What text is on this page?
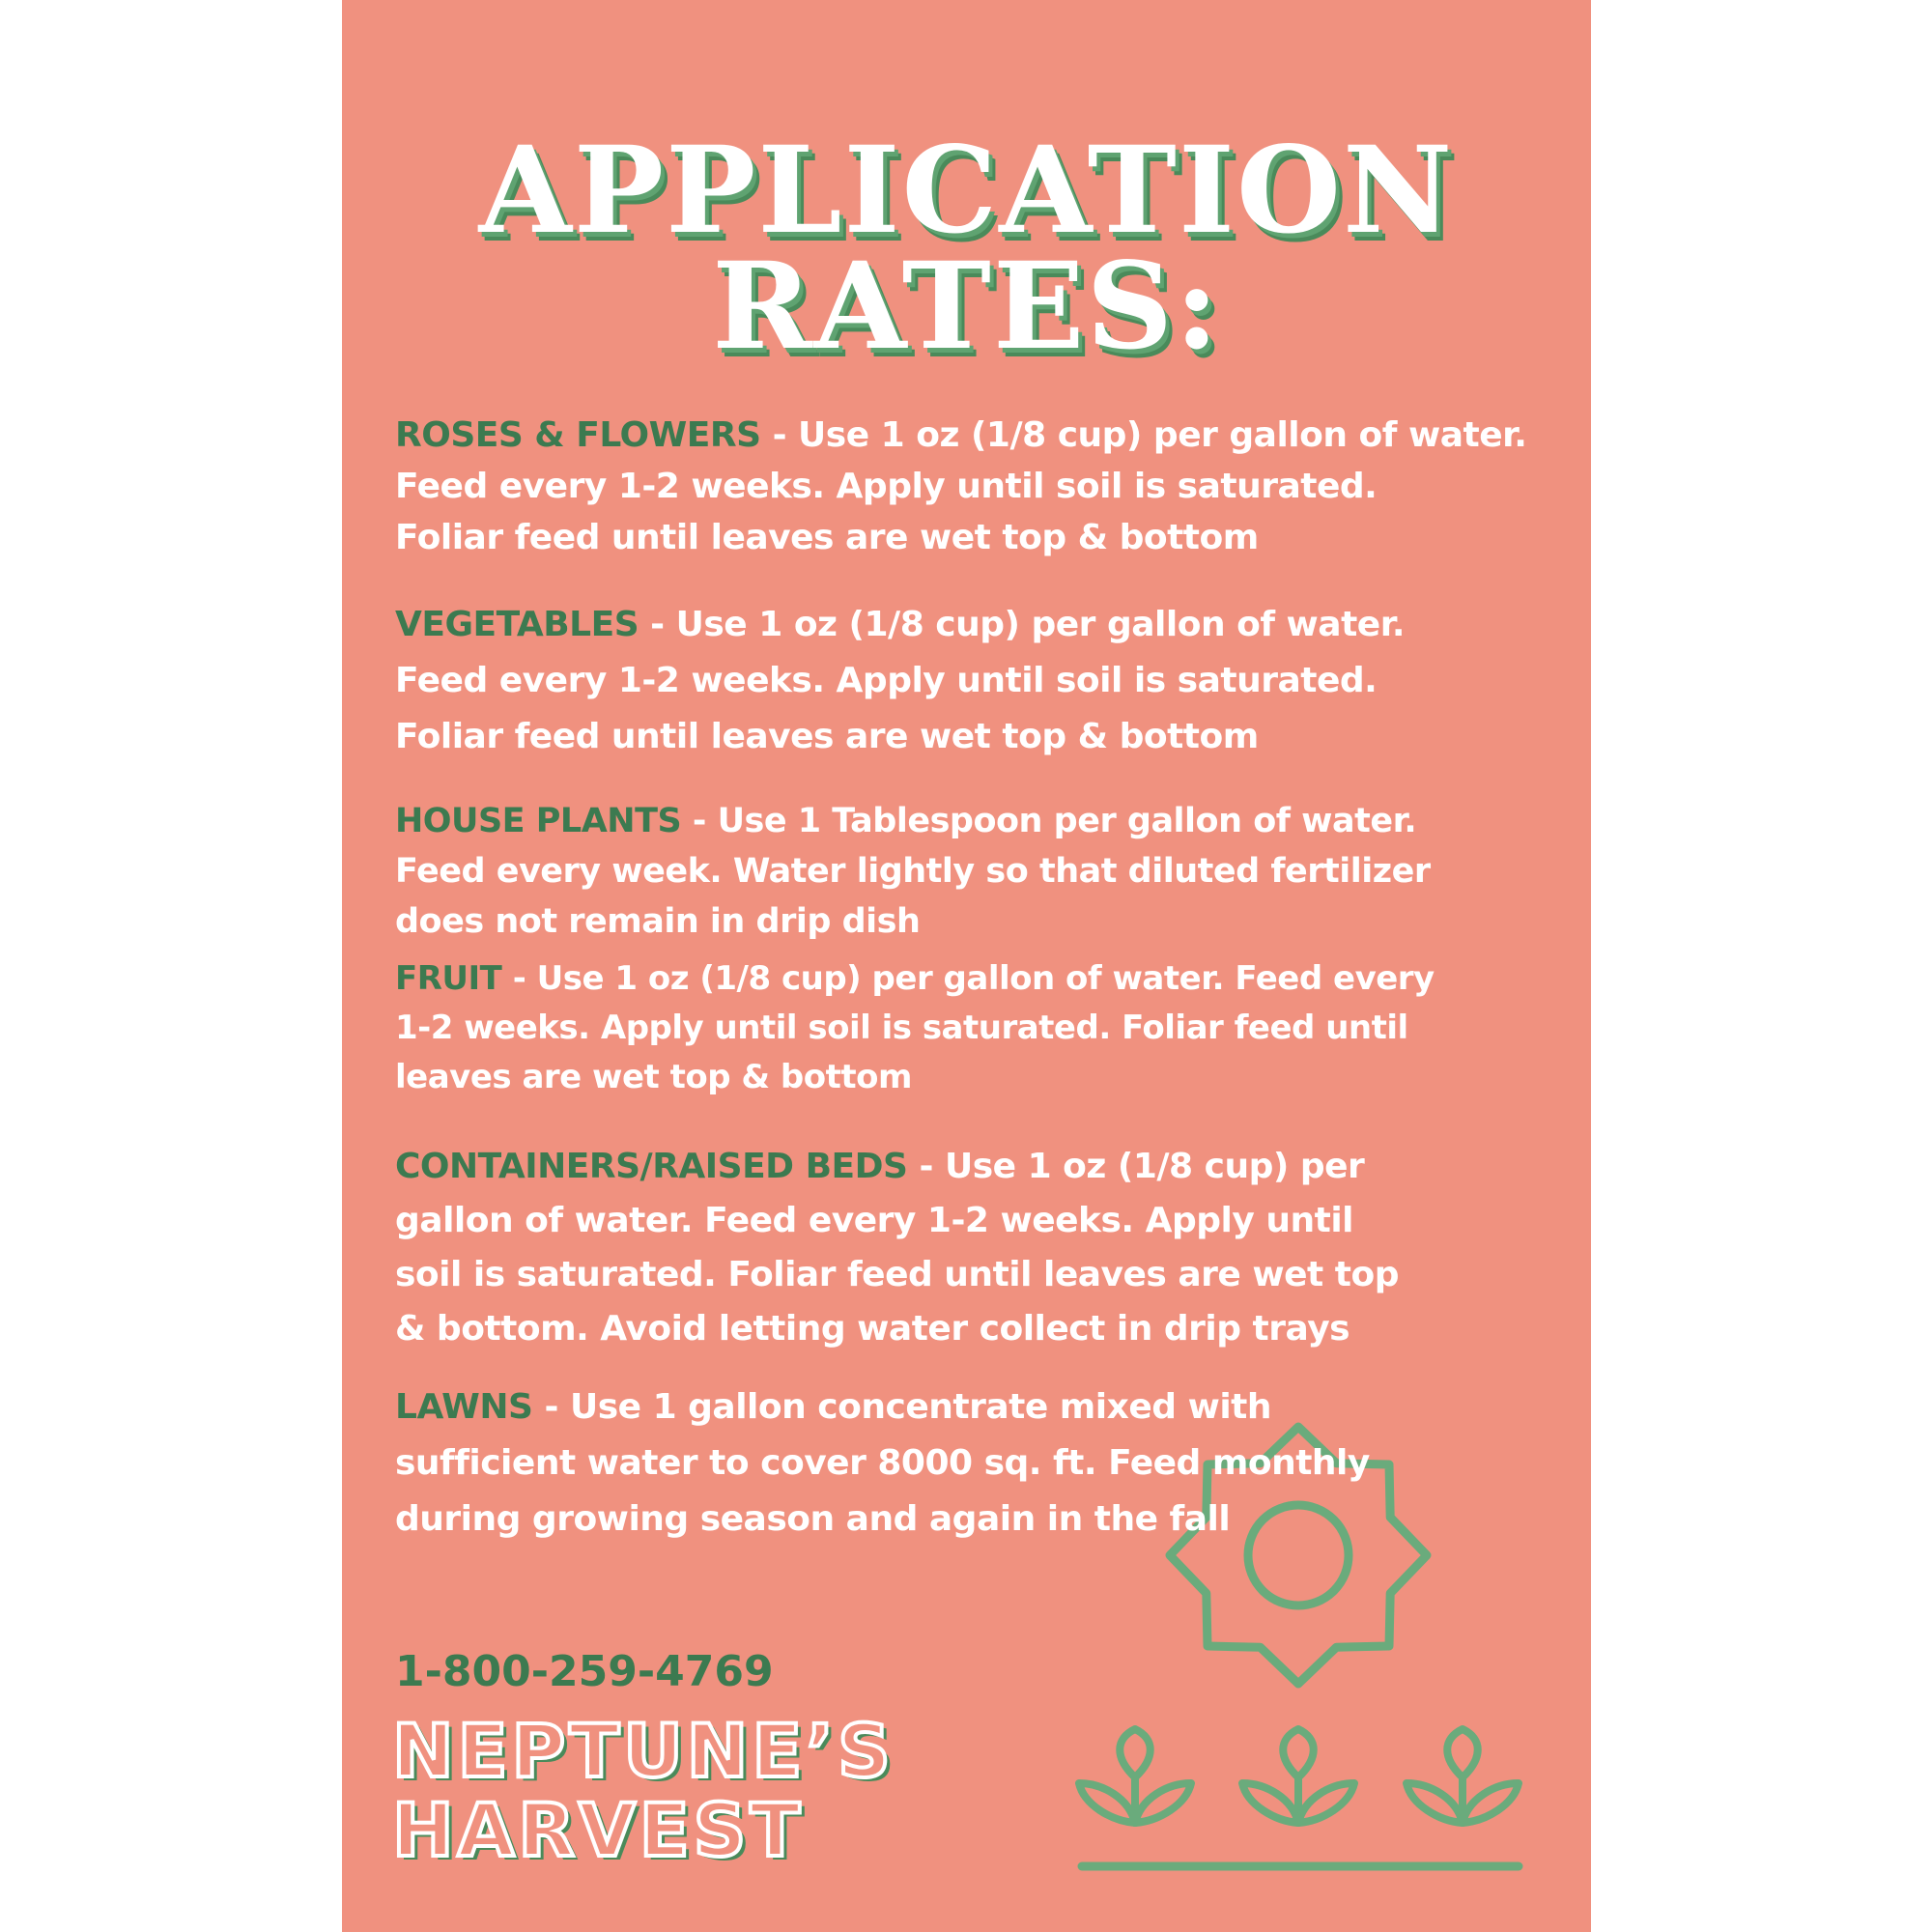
APPLICATION
RATES:
ROSES & FLOWERS - Use 1 oz (1/8 cup) per gallon of water.
Feed every 1-2 weeks. Apply until soil is saturated.
Foliar feed until leaves are wet top & bottom
VEGETABLES - Use 1 oz (1/8 cup) per gallon of water.
Feed every 1-2 weeks. Apply until soil is saturated.
Foliar feed until leaves are wet top & bottom
HOUSE PLANTS - Use 1 Tablespoon per gallon of water.
Feed every week. Water lightly so that diluted fertilizer
does not remain in drip dish
FRUIT - Use 1 oz (1/8 cup) per gallon of water. Feed every
1-2 weeks. Apply until soil is saturated. Foliar feed until
leaves are wet top & bottom
CONTAINERS/RAISED BEDS - Use 1 oz (1/8 cup) per
gallon of water. Feed every 1-2 weeks. Apply until
soil is saturated. Foliar feed until leaves are wet top
& bottom. Avoid letting water collect in drip trays
LAWNS - Use 1 gallon concentrate mixed with
sufficient water to cover 8000 sq. ft. Feed monthly
during growing season and again in the fall
1-800-259-4769
NEPTUNE’S
HARVEST
